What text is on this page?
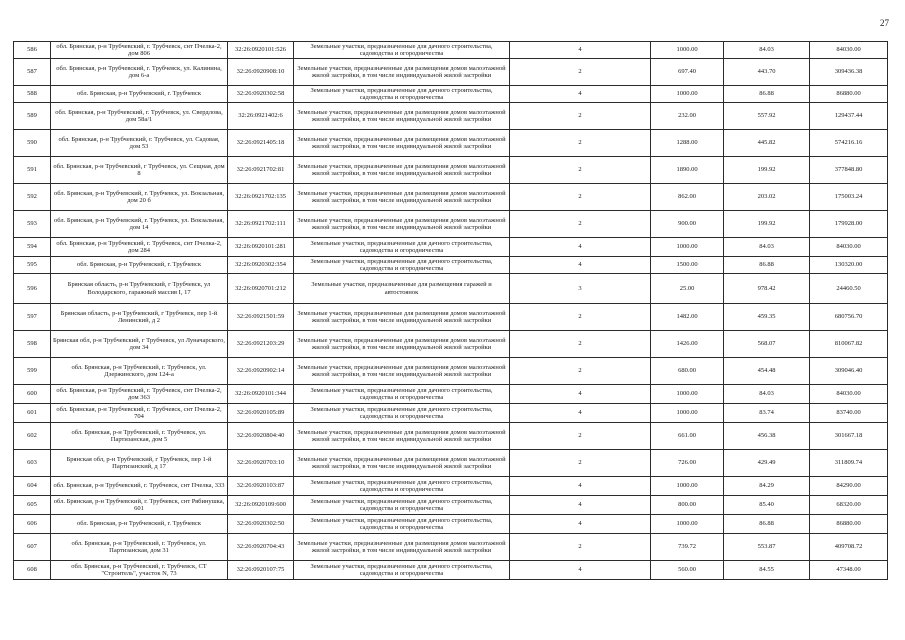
27
586	обл. Брянская, р-н Трубчевский, г. Трубчевск, снт Пчелка-2, дом 806	32:26:0920101:526	Земельные участки, предназначенные для дачного строительства, садоводства и огородничества	4	1000.00	84.03	84030.00
587	обл. Брянская, р-н Трубчевский, г. Трубчевск, ул. Калинина, дом 6-а	32:26:0920908:10	Земельные участки, предназначенные для размещения домов малоэтажной жилой застройки, в том числе индивидуальной жилой застройки	2	697.40	443.70	309436.38
588	обл. Брянская, р-н Трубчевский, г. Трубчевск	32:26:0920302:58	Земельные участки, предназначенные для дачного строительства, садоводства и огородничества	4	1000.00	86.88	86880.00
589	обл. Брянская, р-н Трубчевский, г. Трубчевск, ул. Свердлова, дом 58а/1	32:26:0921402:6	Земельные участки, предназначенные для размещения домов малоэтажной жилой застройки, в том числе индивидуальной жилой застройки	2	232.00	557.92	129437.44
590	обл. Брянская, р-н Трубчевский, г. Трубчевск, ул. Садовая, дом 53	32:26:0921405:18	Земельные участки, предназначенные для размещения домов малоэтажной жилой застройки, в том числе индивидуальной жилой застройки	2	1288.00	445.82	574216.16
591	обл. Брянская, р-н Трубчевский, г Трубчевск, ул. Сещная, дом 8	32:26:0921702:81	Земельные участки, предназначенные для размещения домов малоэтажной жилой застройки, в том числе индивидуальной жилой застройки	2	1890.00	199.92	377848.80
592	обл. Брянская, р-н Трубчевский, г. Трубчевск, ул. Вокзальная, дом 20 б	32:26:0921702:135	Земельные участки, предназначенные для размещения домов малоэтажной жилой застройки, в том числе индивидуальной жилой застройки	2	862.00	203.02	175003.24
593	обл. Брянская, р-н Трубчевский, г. Трубчевск, ул. Вокзальная, дом 14	32:26:0921702:111	Земельные участки, предназначенные для размещения домов малоэтажной жилой застройки, в том числе индивидуальной жилой застройки	2	900.00	199.92	179928.00
594	обл. Брянская, р-н Трубчевский, г. Трубчевск, снт Пчелка-2, дом 284	32:26:0920101:281	Земельные участки, предназначенные для дачного строительства, садоводства и огородничества	4	1000.00	84.03	84030.00
595	обл. Брянская, р-н Трубчевский, г. Трубчевск	32:26:0920302:354	Земельные участки, предназначенные для дачного строительства, садоводства и огородничества	4	1500.00	86.88	130320.00
596	Брянская область, р-н Трубчевский, г Трубчевск, ул Володарского, гаражный массив I, 17	32:26:0920701:212	Земельные участки, предназначенные для размещения гаражей и автостоянок	3	25.00	978.42	24460.50
597	Брянская область, р-н Трубчевский, г Трубчевск, пер 1-й Ленинский, д 2	32:26:0921501:59	Земельные участки, предназначенные для размещения домов малоэтажной жилой застройки, в том числе индивидуальной жилой застройки	2	1482.00	459.35	680756.70
598	Брянская обл, р-н Трубчевский, г Трубчевск, ул Луначарского, дом 34	32:26:0921203:29	Земельные участки, предназначенные для размещения домов малоэтажной жилой застройки, в том числе индивидуальной жилой застройки	2	1426.00	568.07	810067.82
599	обл. Брянская, р-н Трубчевский, г. Трубчевск, ул. Дзержинского, дом 124-а	32:26:0920902:14	Земельные участки, предназначенные для размещения домов малоэтажной жилой застройки, в том числе индивидуальной жилой застройки	2	680.00	454.48	309046.40
600	обл. Брянская, р-н Трубчевский, г. Трубчевск, снт Пчелка-2, дом 363	32:26:0920101:344	Земельные участки, предназначенные для дачного строительства, садоводства и огородничества	4	1000.00	84.03	84030.00
601	обл. Брянская, р-н Трубчевский, г. Трубчевск, снт Пчелка-2, 704	32:26:0920105:89	Земельные участки, предназначенные для дачного строительства, садоводства и огородничества	4	1000.00	83.74	83740.00
602	обл. Брянская, р-н Трубчевский, г. Трубчевск, ул. Партизанская, дом 5	32:26:0920804:40	Земельные участки, предназначенные для размещения домов малоэтажной жилой застройки, в том числе индивидуальной жилой застройки	2	661.00	456.38	301667.18
603	Брянская обл, р-н Трубчевский, г Трубчевск, пер 1-й Партизанский, д 17	32:26:0920703:10	Земельные участки, предназначенные для размещения домов малоэтажной жилой застройки, в том числе индивидуальной жилой застройки	2	726.00	429.49	311809.74
604	обл. Брянская, р-н Трубчевский, г. Трубчевск, снт Пчелка, 333	32:26:0920103:87	Земельные участки, предназначенные для дачного строительства, садоводства и огородничества	4	1000.00	84.29	84290.00
605	обл. Брянская, р-н Трубчевский, г. Трубчевск, снт Рябинушка, 601	32:26:0920109:600	Земельные участки, предназначенные для дачного строительства, садоводства и огородничества	4	800.00	85.40	68320.00
606	обл. Брянская, р-н Трубчевский, г. Трубчевск	32:26:0920302:50	Земельные участки, предназначенные для дачного строительства, садоводства и огородничества	4	1000.00	86.88	86880.00
607	обл. Брянская, р-н Трубчевский, г. Трубчевск, ул. Партизанская, дом 31	32:26:0920704:43	Земельные участки, предназначенные для размещения домов малоэтажной жилой застройки, в том числе индивидуальной жилой застройки	2	739.72	553.87	409708.72
608	обл. Брянская, р-н Трубчевский, г. Трубчевск, СТ "Строитель", участок N, 73	32:26:0920107:75	Земельные участки, предназначенные для дачного строительства, садоводства и огородничества	4	560.00	84.55	47348.00
